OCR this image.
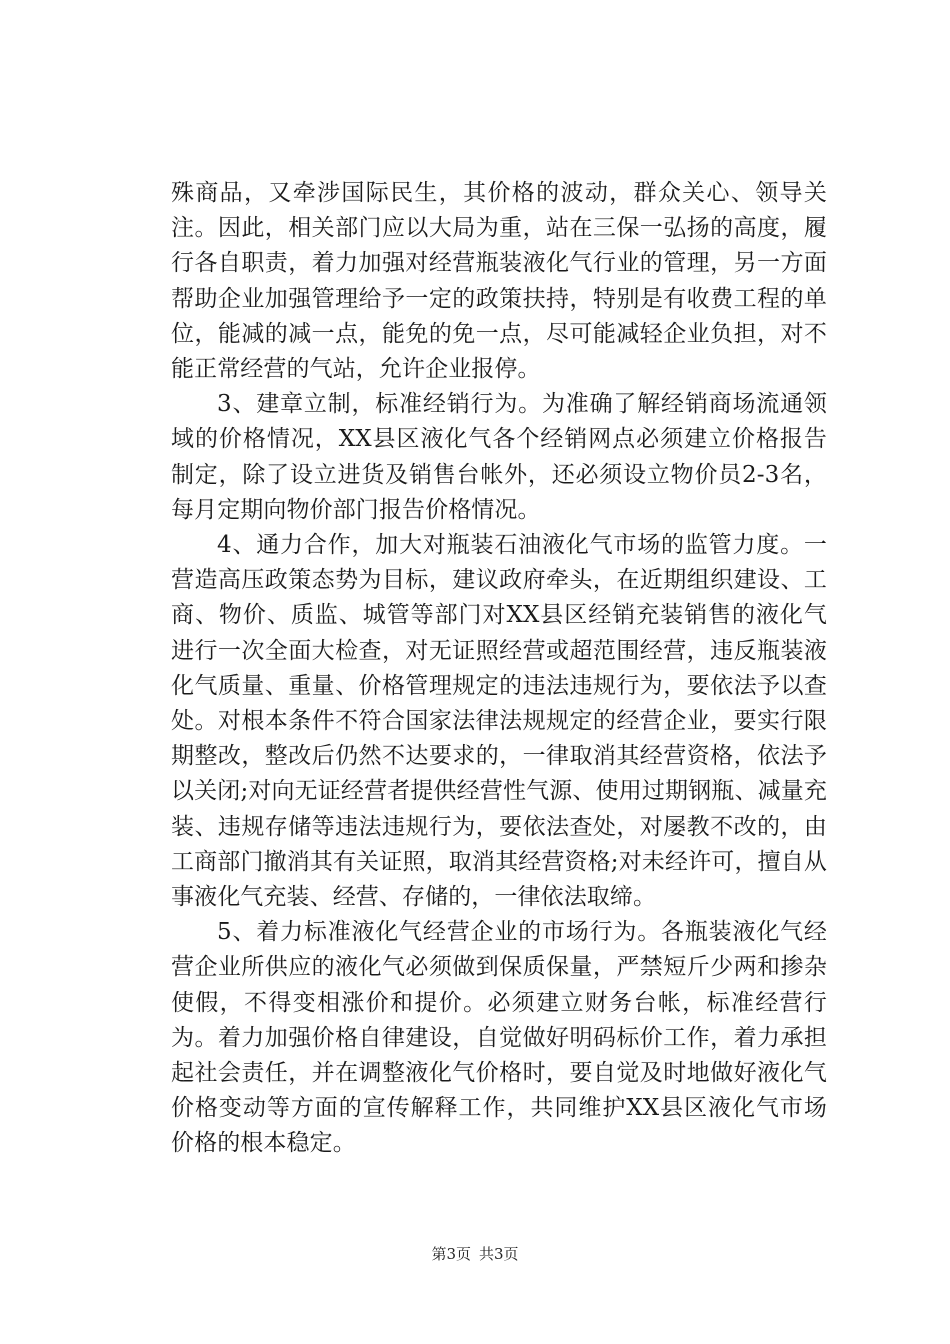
殊商品，又牵涉国际民生，其价格的波动，群众关心、领导关注。因此，相关部门应以大局为重，站在三保一弘扬的高度，履行各自职责，着力加强对经营瓶装液化气行业的管理，另一方面帮助企业加强管理给予一定的政策扶持，特别是有收费工程的单位，能减的减一点，能免的免一点，尽可能减轻企业负担，对不能正常经营的气站，允许企业报停。

3、建章立制，标准经销行为。为准确了解经销商场流通领域的价格情况，XX县区液化气各个经销网点必须建立价格报告制定，除了设立进货及销售台帐外，还必须设立物价员2-3名，每月定期向物价部门报告价格情况。

4、通力合作，加大对瓶装石油液化气市场的监管力度。一营造高压政策态势为目标，建议政府牵头，在近期组织建设、工商、物价、质监、城管等部门对XX县区经销充装销售的液化气进行一次全面大检查，对无证照经营或超范围经营，违反瓶装液化气质量、重量、价格管理规定的违法违规行为，要依法予以查处。对根本条件不符合国家法律法规规定的经营企业，要实行限期整改，整改后仍然不达要求的，一律取消其经营资格，依法予以关闭;对向无证经营者提供经营性气源、使用过期钢瓶、减量充装、违规存储等违法违规行为，要依法查处，对屡教不改的，由工商部门撤消其有关证照，取消其经营资格;对未经许可，擅自从事液化气充装、经营、存储的，一律依法取缔。

5、着力标准液化气经营企业的市场行为。各瓶装液化气经营企业所供应的液化气必须做到保质保量，严禁短斤少两和掺杂使假，不得变相涨价和提价。必须建立财务台帐，标准经营行为。着力加强价格自律建设，自觉做好明码标价工作，着力承担起社会责任，并在调整液化气价格时，要自觉及时地做好液化气价格变动等方面的宣传解释工作，共同维护XX县区液化气市场价格的根本稳定。

第3页 共3页
